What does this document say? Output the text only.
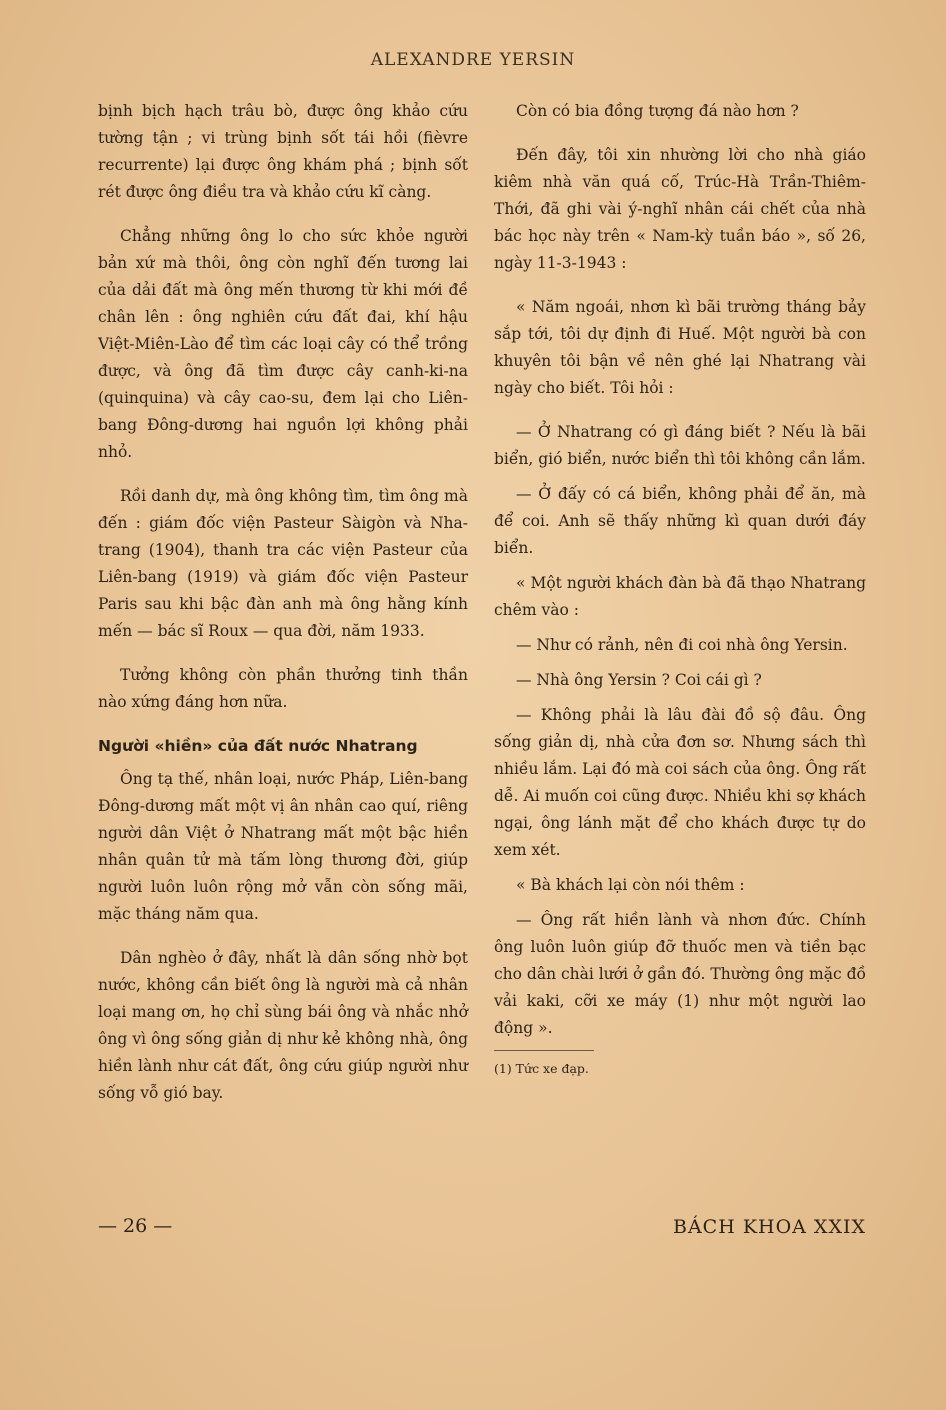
ALEXANDRE YERSIN

bịnh bịch hạch trâu bò, được ông khảo cứu tường tận ; vi trùng bịnh sốt tái hồi (fièvre recurrente) lại được ông khám phá ; bịnh sốt rét được ông điều tra và khảo cứu kĩ càng.

Chẳng những ông lo cho sức khỏe người bản xứ mà thôi, ông còn nghĩ đến tương lai của dải đất mà ông mến thương từ khi mới đề chân lên : ông nghiên cứu đất đai, khí hậu Việt-Miên-Lào để tìm các loại cây có thể trồng được, và ông đã tìm được cây canh-ki-na (quinquina) và cây cao-su, đem lại cho Liên-bang Đông-dương hai nguồn lợi không phải nhỏ.

Rồi danh dự, mà ông không tìm, tìm ông mà đến : giám đốc viện Pasteur Sàigòn và Nha-trang (1904), thanh tra các viện Pasteur của Liên-bang (1919) và giám đốc viện Pasteur Paris sau khi bậc đàn anh mà ông hằng kính mến — bác sĩ Roux — qua đời, năm 1933.

Tưởng không còn phần thưởng tinh thần nào xứng đáng hơn nữa.

Người «hiền» của đất nước Nhatrang

Ông tạ thế, nhân loại, nước Pháp, Liên-bang Đông-dương mất một vị ân nhân cao quí, riêng người dân Việt ở Nhatrang mất một bậc hiền nhân quân tử mà tấm lòng thương đời, giúp người luôn luôn rộng mở vẫn còn sống mãi, mặc tháng năm qua.

Dân nghèo ở đây, nhất là dân sống nhờ bọt nước, không cần biết ông là người mà cả nhân loại mang ơn, họ chỉ sùng bái ông và nhắc nhở ông vì ông sống giản dị như kẻ không nhà, ông hiền lành như cát đất, ông cứu giúp người như sống vỗ gió bay.

Còn có bia đồng tượng đá nào hơn ?

Đến đây, tôi xin nhường lời cho nhà giáo kiêm nhà văn quá cố, Trúc-Hà Trần-Thiêm-Thới, đã ghi vài ý-nghĩ nhân cái chết của nhà bác học này trên « Nam-kỳ tuần báo », số 26, ngày 11-3-1943 :

« Năm ngoái, nhơn kì bãi trường tháng bảy sắp tới, tôi dự định đi Huế. Một người bà con khuyên tôi bận về nên ghé lại Nhatrang vài ngày cho biết. Tôi hỏi :

— Ở Nhatrang có gì đáng biết ? Nếu là bãi biển, gió biển, nước biển thì tôi không cần lắm.

— Ở đấy có cá biển, không phải để ăn, mà để coi. Anh sẽ thấy những kì quan dưới đáy biển.

« Một người khách đàn bà đã thạo Nhatrang chêm vào :

— Như có rảnh, nên đi coi nhà ông Yersin.

— Nhà ông Yersin ? Coi cái gì ?

— Không phải là lâu đài đồ sộ đâu. Ông sống giản dị, nhà cửa đơn sơ. Nhưng sách thì nhiều lắm. Lại đó mà coi sách của ông. Ông rất dễ. Ai muốn coi cũng được. Nhiều khi sợ khách ngại, ông lánh mặt để cho khách được tự do xem xét.

« Bà khách lại còn nói thêm :

— Ông rất hiền lành và nhơn đức. Chính ông luôn luôn giúp đỡ thuốc men và tiền bạc cho dân chài lưới ở gần đó. Thường ông mặc đồ vải kaki, cỡi xe máy (1) như một người lao động ».

(1) Tức xe đạp.
— 26 —	BÁCH KHOA XXIX
